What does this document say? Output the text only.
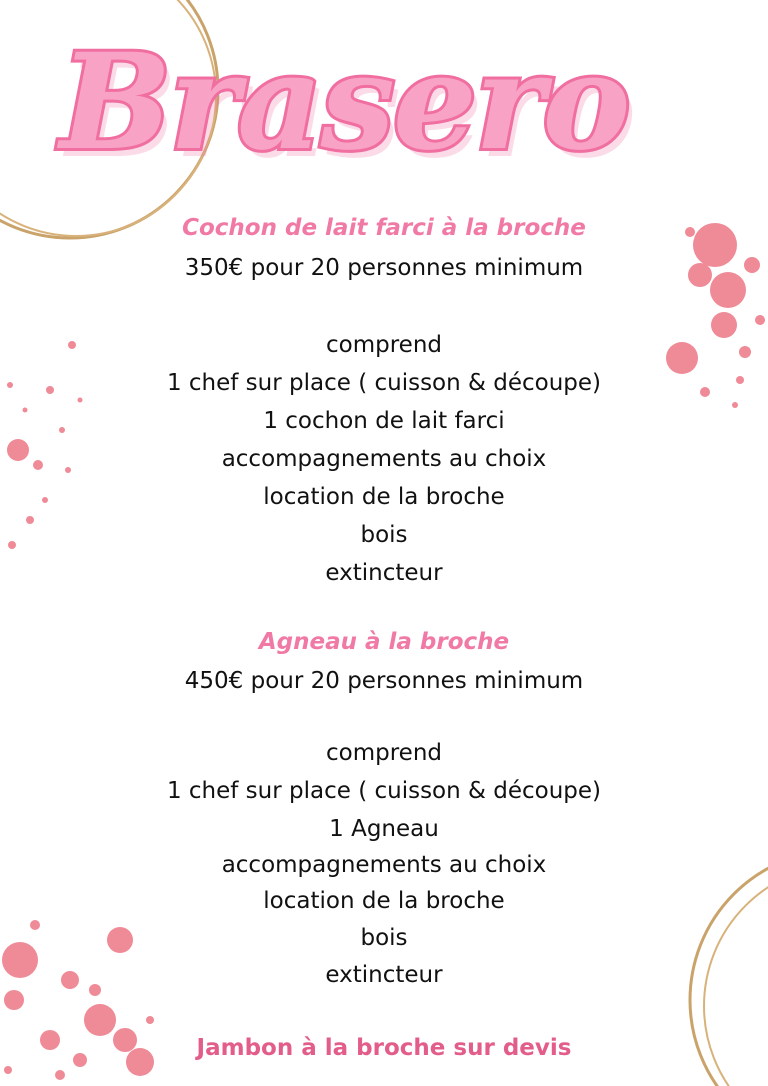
Brasero
Cochon de lait farci à la broche
350€ pour 20 personnes minimum
comprend
1 chef sur place ( cuisson & découpe)
1 cochon de lait farci
accompagnements au choix
location de la broche
bois
extincteur
Agneau à la broche
450€ pour 20 personnes minimum
comprend
1 chef sur place ( cuisson & découpe)
1 Agneau
accompagnements au choix
location de la broche
bois
extincteur
Jambon à la broche sur devis
